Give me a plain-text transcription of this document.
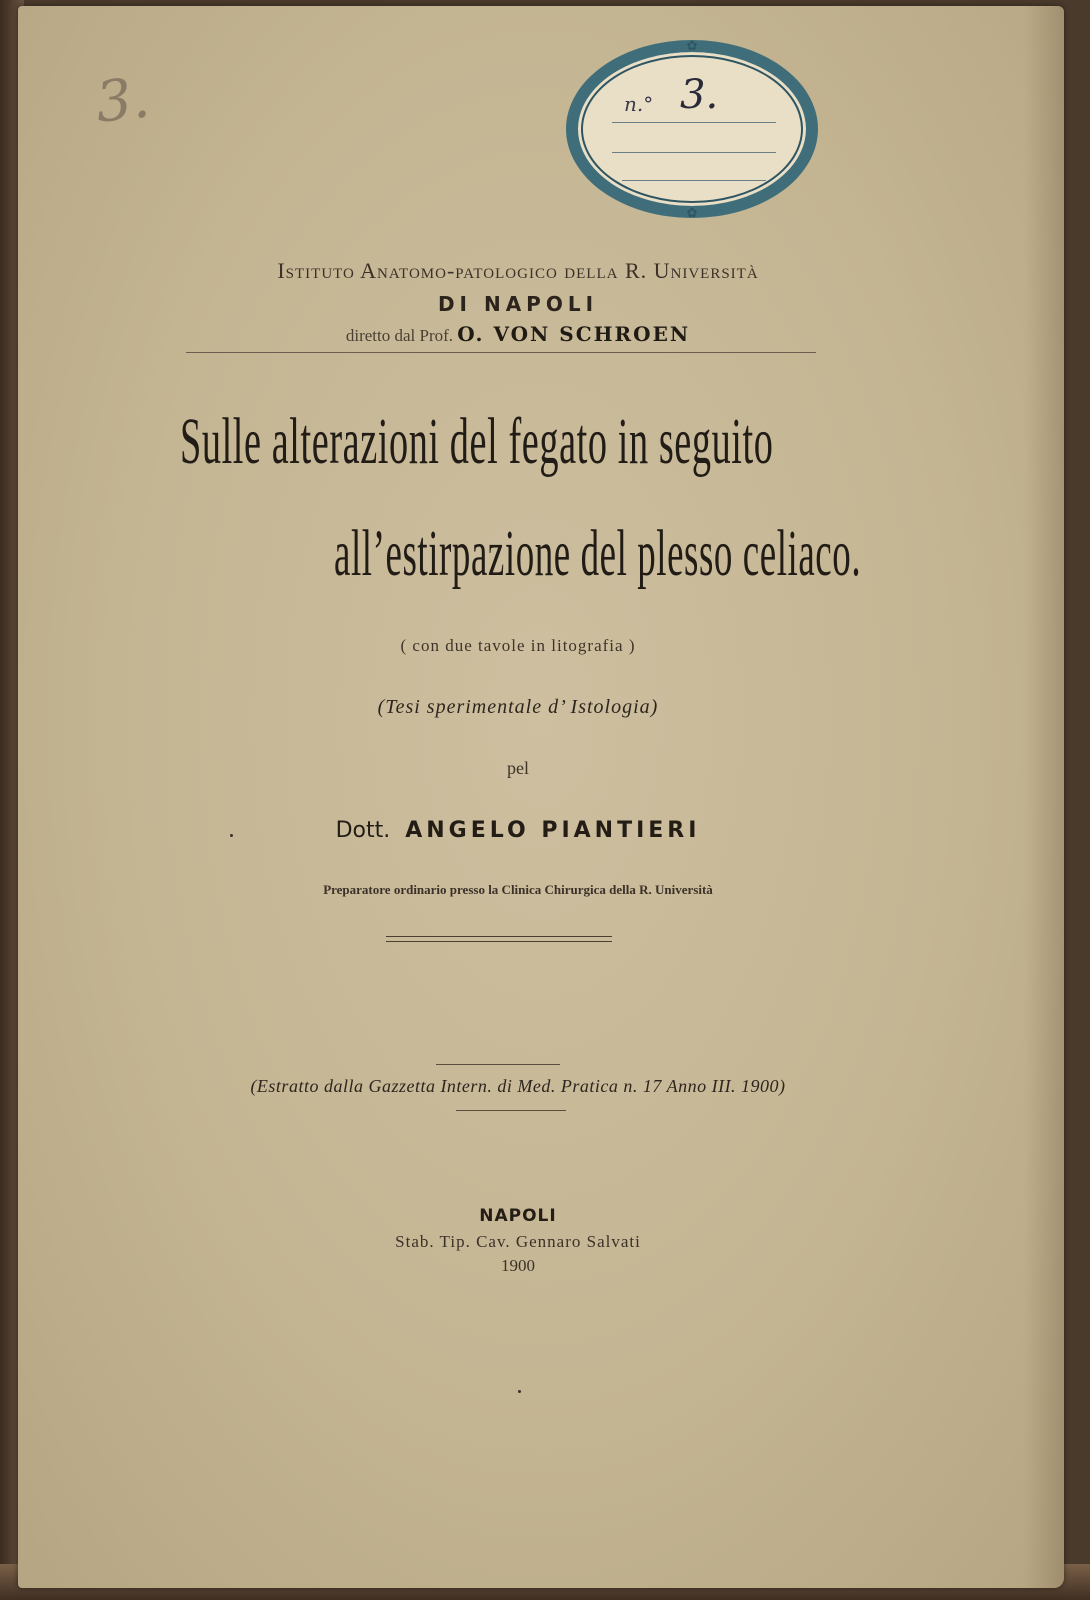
3.
✿
✿
n.° 3.
Istituto Anatomo-patologico della R. Università
DI NAPOLI
diretto dal Prof. O. VON SCHROEN
Sulle alterazioni del fegato in seguito
all’estirpazione del plesso celiaco.
( con due tavole in litografia )
(Tesi sperimentale d’ Istologia)
pel
Dott. ANGELO PIANTIERI
Preparatore ordinario presso la Clinica Chirurgica della R. Università
(Estratto dalla Gazzetta Intern. di Med. Pratica n. 17 Anno III. 1900)
NAPOLI
Stab. Tip. Cav. Gennaro Salvati
1900
